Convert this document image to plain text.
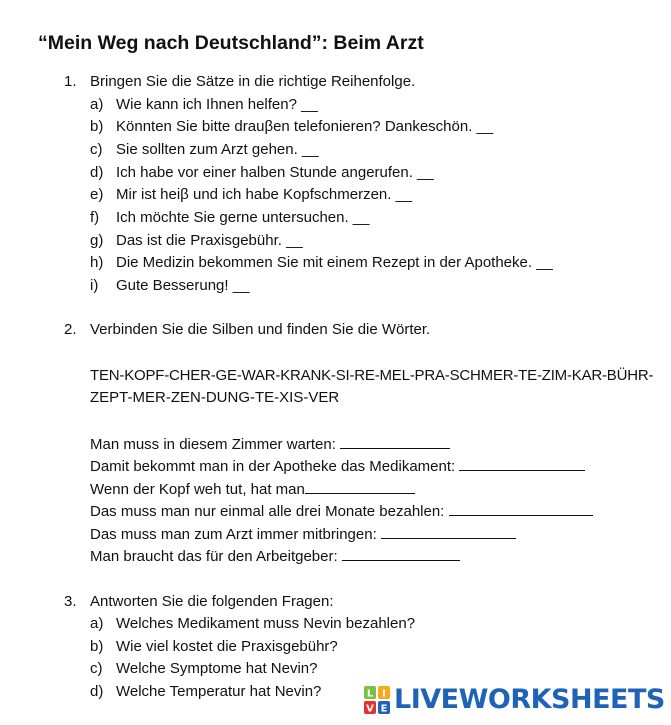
“Mein Weg nach Deutschland”: Beim Arzt
1. Bringen Sie die Sätze in die richtige Reihenfolge.
a) Wie kann ich Ihnen helfen? __
b) Könnten Sie bitte drauβen telefonieren? Dankeschön. __
c) Sie sollten zum Arzt gehen. __
d) Ich habe vor einer halben Stunde angerufen. __
e) Mir ist heiβ und ich habe Kopfschmerzen. __
f) Ich möchte Sie gerne untersuchen. __
g) Das ist die Praxisgebühr. __
h) Die Medizin bekommen Sie mit einem Rezept in der Apotheke. __
i) Gute Besserung! __
2. Verbinden Sie die Silben und finden Sie die Wörter.
TEN-KOPF-CHER-GE-WAR-KRANK-SI-RE-MEL-PRA-SCHMER-TE-ZIM-KAR-BÜHR-
ZEPT-MER-ZEN-DUNG-TE-XIS-VER
Man muss in diesem Zimmer warten:
Damit bekommt man in der Apotheke das Medikament:
Wenn der Kopf weh tut, hat man
Das muss man nur einmal alle drei Monate bezahlen:
Das muss man zum Arzt immer mitbringen:
Man braucht das für den Arbeitgeber:
3. Antworten Sie die folgenden Fragen:
a) Welches Medikament muss Nevin bezahlen?
b) Wie viel kostet die Praxisgebühr?
c) Welche Symptome hat Nevin?
d) Welche Temperatur hat Nevin?	L I
V E LIVEWORKSHEETS
